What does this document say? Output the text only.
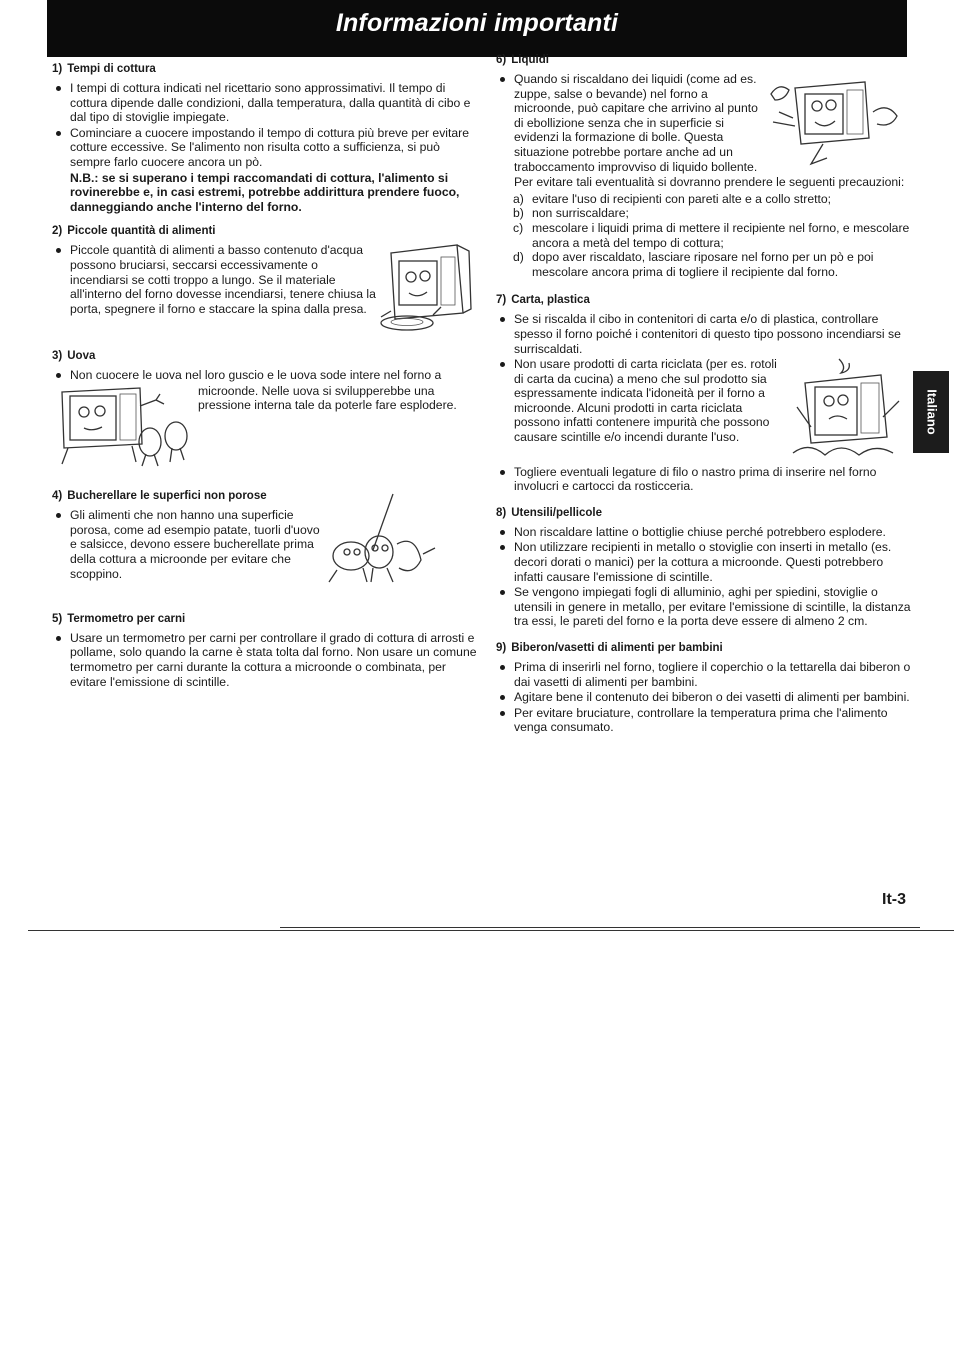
Informazioni importanti
Italiano
1) Tempi di cottura
I tempi di cottura indicati nel ricettario sono approssimativi. Il tempo di cottura dipende dalle condizioni, dalla temperatura, dalla quantità di cibo e dal tipo di stoviglie impiegate.
Cominciare a cuocere impostando il tempo di cottura più breve per evitare cotture eccessive. Se l'alimento non risulta cotto a sufficienza, si può sempre farlo cuocere ancora un pò.
N.B.: se si superano i tempi raccomandati di cottura, l'alimento si rovinerebbe e, in casi estremi, potrebbe addirittura prendere fuoco, danneggiando anche l'interno del forno.
2) Piccole quantità di alimenti
Piccole quantità di alimenti a basso contenuto d'acqua possono bruciarsi, seccarsi eccessivamente o incendiarsi se cotti troppo a lungo. Se il materiale all'interno del forno dovesse incendiarsi, tenere chiusa la porta, spegnere il forno e staccare la spina dalla presa.
3) Uova
Non cuocere le uova nel loro guscio e le uova sode intere nel forno a
microonde. Nelle uova si svilupperebbe una pressione interna tale da poterle fare esplodere.
4) Bucherellare le superfici non porose
Gli alimenti che non hanno una superficie porosa, come ad esempio patate, tuorli d'uovo e salsicce, devono essere bucherellate prima della cottura a microonde per evitare che scoppino.
5) Termometro per carni
Usare un termometro per carni per controllare il grado di cottura di arrosti e pollame, solo quando la carne è stata tolta dal forno. Non usare un comune termometro per carni durante la cottura a microonde o combinata, per evitare l'emissione di scintille.
6) Liquidi
Quando si riscaldano dei liquidi (come ad es. zuppe, salse o bevande) nel forno a microonde, può capitare che arrivino al punto di ebollizione senza che in superficie si evidenzi la formazione di bolle. Questa situazione potrebbe portare anche ad un traboccamento improvviso di liquido bollente.
Per evitare tali eventualità si dovranno prendere le seguenti precauzioni:
a) evitare l'uso di recipienti con pareti alte e a collo stretto;
b) non surriscaldare;
c) mescolare i liquidi prima di mettere il recipiente nel forno, e mescolare ancora a metà del tempo di cottura;
d) dopo aver riscaldato, lasciare riposare nel forno per un pò e poi mescolare ancora prima di togliere il recipiente dal forno.
7) Carta, plastica
Se si riscalda il cibo in contenitori di carta e/o di plastica, controllare spesso il forno poiché i contenitori di questo tipo possono incendiarsi se surriscaldati.
Non usare prodotti di carta riciclata (per es. rotoli di carta da cucina) a meno che sul prodotto sia espressamente indicata l'idoneità per il forno a microonde. Alcuni prodotti in carta riciclata possono infatti contenere impurità che possono causare scintille e/o incendi durante l'uso.
Togliere eventuali legature di filo o nastro prima di inserire nel forno involucri e cartocci da rosticceria.
8) Utensili/pellicole
Non riscaldare lattine o bottiglie chiuse perché potrebbero esplodere.
Non utilizzare recipienti in metallo o stoviglie con inserti in metallo (es. decori dorati o manici) per la cottura a microonde. Questi potrebbero infatti causare l'emissione di scintille.
Se vengono impiegati fogli di alluminio, aghi per spiedini, stoviglie o utensili in genere in metallo, per evitare l'emissione di scintille, la distanza tra essi, le pareti del forno e la porta deve essere di almeno 2 cm.
9) Biberon/vasetti di alimenti per bambini
Prima di inserirli nel forno, togliere il coperchio o la tettarella dai biberon o dai vasetti di alimenti per bambini.
Agitare bene il contenuto dei biberon o dei vasetti di alimenti per bambini.
Per evitare bruciature, controllare la temperatura prima che l'alimento venga consumato.
It-3
